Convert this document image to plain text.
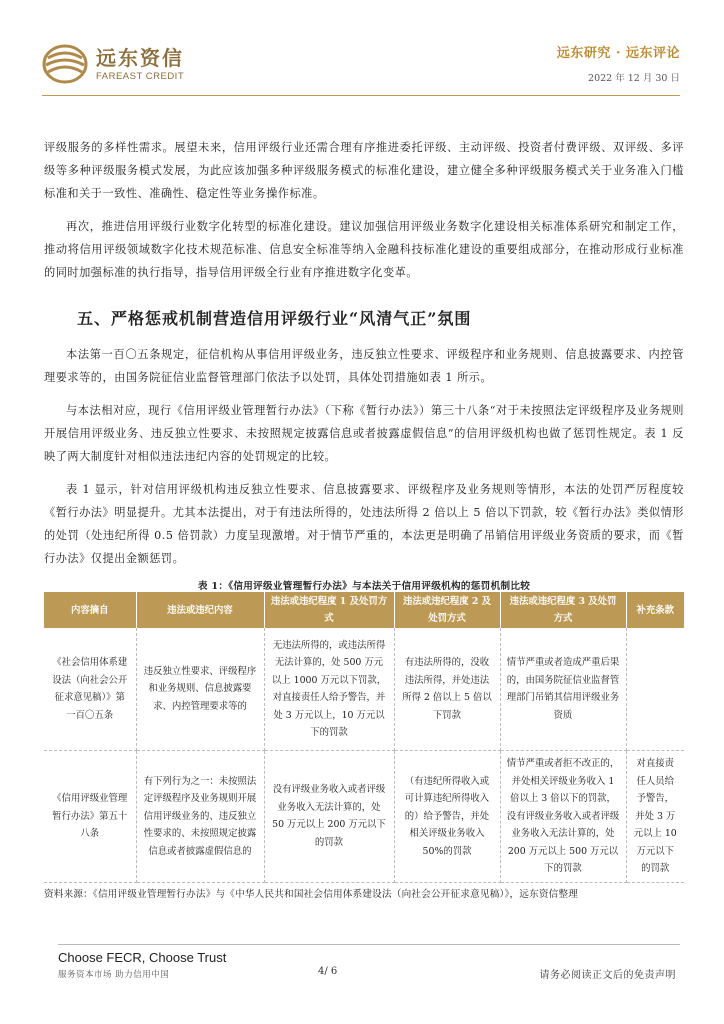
远东资信
FAREAST CREDIT
远东研究 · 远东评论
2022 年 12 月 30 日

评级服务的多样性需求。展望未来，信用评级行业还需合理有序推进委托评级、主动评级、投资者付费评级、双评级、多评级等多种评级服务模式发展，为此应该加强多种评级服务模式的标准化建设，建立健全多种评级服务模式关于业务准入门槛标准和关于一致性、准确性、稳定性等业务操作标准。

再次，推进信用评级行业数字化转型的标准化建设。建议加强信用评级业务数字化建设相关标准体系研究和制定工作，推动将信用评级领域数字化技术规范标准、信息安全标准等纳入金融科技标准化建设的重要组成部分，在推动形成行业标准的同时加强标准的执行指导，指导信用评级全行业有序推进数字化变革。

五、严格惩戒机制营造信用评级行业“风清气正”氛围

本法第一百〇五条规定，征信机构从事信用评级业务，违反独立性要求、评级程序和业务规则、信息披露要求、内控管理要求等的，由国务院征信业监督管理部门依法予以处罚，具体处罚措施如表 1 所示。

与本法相对应，现行《信用评级业管理暂行办法》（下称《暂行办法》）第三十八条“对于未按照法定评级程序及业务规则开展信用评级业务、违反独立性要求、未按照规定披露信息或者披露虚假信息”的信用评级机构也做了惩罚性规定。表 1 反映了两大制度针对相似违法违纪内容的处罚规定的比较。

表 1 显示，针对信用评级机构违反独立性要求、信息披露要求、评级程序及业务规则等情形，本法的处罚严厉程度较《暂行办法》明显提升。尤其本法提出，对于有违法所得的，处违法所得 2 倍以上 5 倍以下罚款，较《暂行办法》类似情形的处罚（处违纪所得 0.5 倍罚款）力度呈现激增。对于情节严重的，本法更是明确了吊销信用评级业务资质的要求，而《暂行办法》仅提出金额惩罚。

表 1：《信用评级业管理暂行办法》与本法关于信用评级机构的惩罚机制比较

内容摘自	违法或违纪内容	违法或违纪程度 1 及处罚方式	违法或违纪程度 2 及处罚方式	违法或违纪程度 3 及处罚方式	补充条款
《社会信用体系建设法（向社会公开征求意见稿）》第一百〇五条	违反独立性要求、评级程序和业务规则、信息披露要求、内控管理要求等的	无违法所得的，或违法所得无法计算的，处 500 万元以上 1000 万元以下罚款，对直接责任人给予警告，并处 3 万元以上，10 万元以下的罚款	有违法所得的，没收违法所得，并处违法所得 2 倍以上 5 倍以下罚款	情节严重或者造成严重后果的，由国务院征信业监督管理部门吊销其信用评级业务资质	
《信用评级业管理暂行办法》第五十八条	有下列行为之一：未按照法定评级程序及业务规则开展信用评级业务的、违反独立性要求的、未按照规定披露信息或者披露虚假信息的	没有评级业务收入或者评级业务收入无法计算的，处 50 万元以上 200 万元以下的罚款	（有违纪所得收入或可计算违纪所得收入的）给予警告，并处相关评级业务收入 50%的罚款	情节严重或者拒不改正的，并处相关评级业务收入 1 倍以上 3 倍以下的罚款，没有评级业务收入或者评级业务收入无法计算的，处 200 万元以上 500 万元以下的罚款	对直接责任人员给予警告，并处 3 万元以上 10 万元以下的罚款
资料来源：《信用评级业管理暂行办法》与《中华人民共和国社会信用体系建设法（向社会公开征求意见稿）》，远东资信整理
Choose FECR, Choose Trust
服务资本市场 助力信用中国	4/ 6	请务必阅读正文后的免责声明
